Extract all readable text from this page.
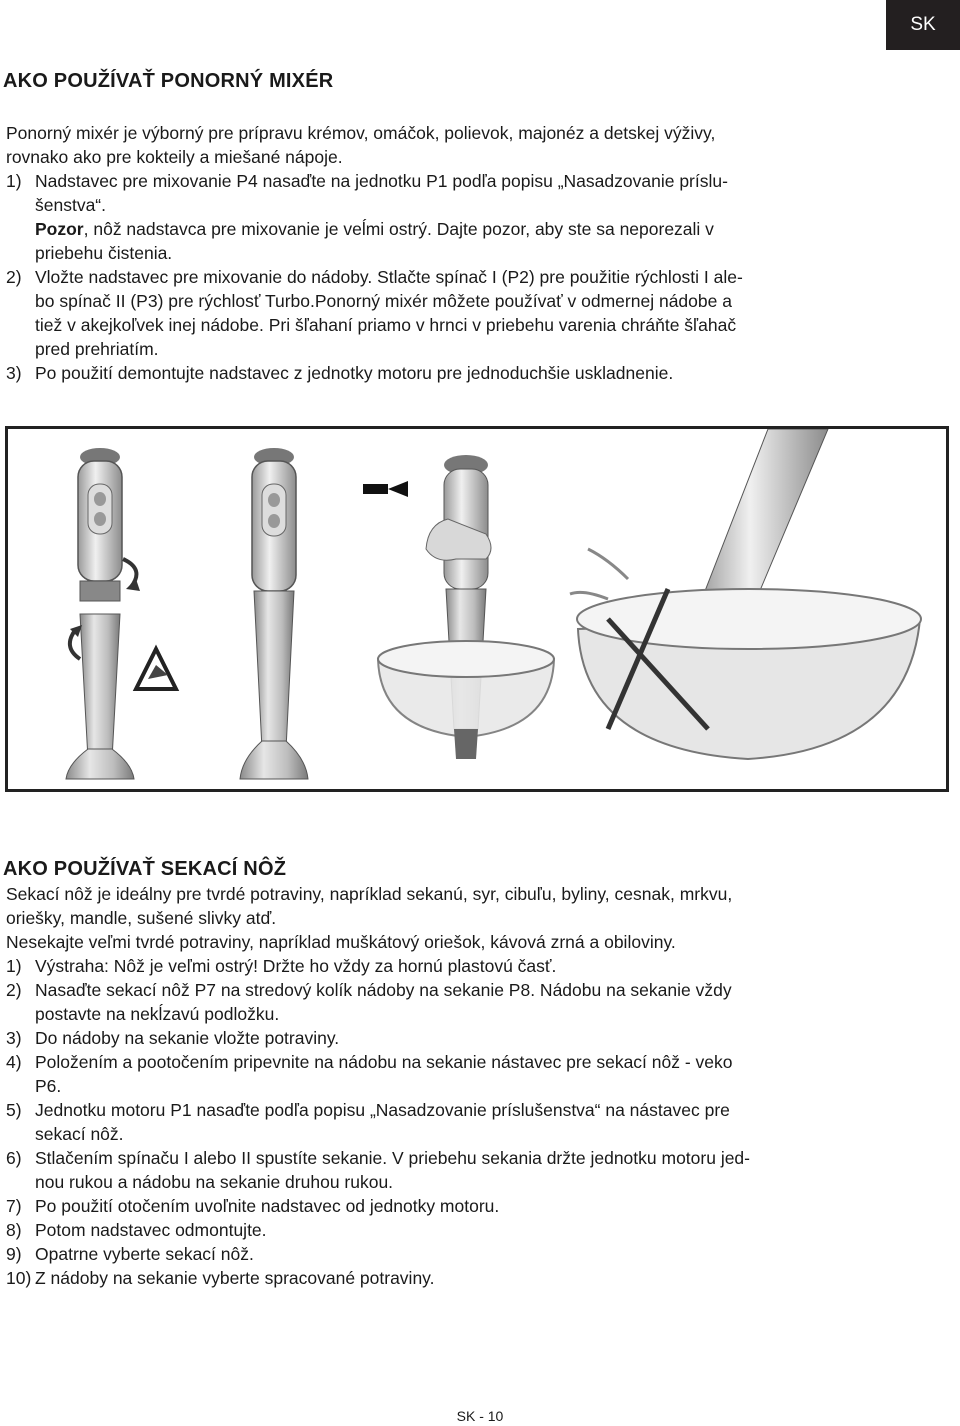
SK
AKO POUŽÍVAŤ PONORNÝ MIXÉR

Ponorný mixér je výborný pre prípravu krémov, omáčok, polievok, majonéz a detskej výživy,

rovnako ako pre kokteily a miešané nápoje.

1) Nadstavec pre mixovanie P4 nasaďte na jednotku P1 podľa popisu „Nasadzovanie príslu-
šenstva“.

Pozor, nôž nadstavca pre mixovanie je veĺmi ostrý. Dajte pozor, aby ste sa neporezali v
priebehu čistenia.

2) Vložte nadstavec pre mixovanie do nádoby. Stlačte spínač I (P2) pre použitie rýchlosti I ale-
bo spínač II (P3) pre rýchlosť Turbo.Ponorný mixér môžete používať v odmernej nádobe a
tiež v akejkoľvek inej nádobe. Pri šľahaní priamo v hrnci v priebehu varenia chráňte šľahač
pred prehriatím.
3) Po použití demontujte nadstavec z jednotky motoru pre jednoduchšie uskladnenie.
AKO POUŽÍVAŤ SEKACÍ NÔŽ

Sekací nôž je ideálny pre tvrdé potraviny, napríklad sekanú, syr, cibuľu, byliny, cesnak, mrkvu,

oriešky, mandle, sušené slivky atď.

Nesekajte veľmi tvrdé potraviny, napríklad muškátový oriešok, kávová zrná a obiloviny.

1) Výstraha: Nôž je veľmi ostrý! Držte ho vždy za hornú plastovú časť.
2) Nasaďte sekací nôž P7 na stredový kolík nádoby na sekanie P8. Nádobu na sekanie vždy
postavte na nekĺzavú podložku.
3) Do nádoby na sekanie vložte potraviny.
4) Položením a pootočením pripevnite na nádobu na sekanie nástavec pre sekací nôž - veko
P6.
5) Jednotku motoru P1 nasaďte podľa popisu „Nasadzovanie príslušenstva“ na nástavec pre
sekací nôž.
6) Stlačením spínaču I alebo II spustíte sekanie. V priebehu sekania držte jednotku motoru jed-
nou rukou a nádobu na sekanie druhou rukou.
7) Po použití otočením uvoľnite nadstavec od jednotky motoru.
8) Potom nadstavec odmontujte.
9) Opatrne vyberte sekací nôž.
10) Z nádoby na sekanie vyberte spracované potraviny.
SK - 10
